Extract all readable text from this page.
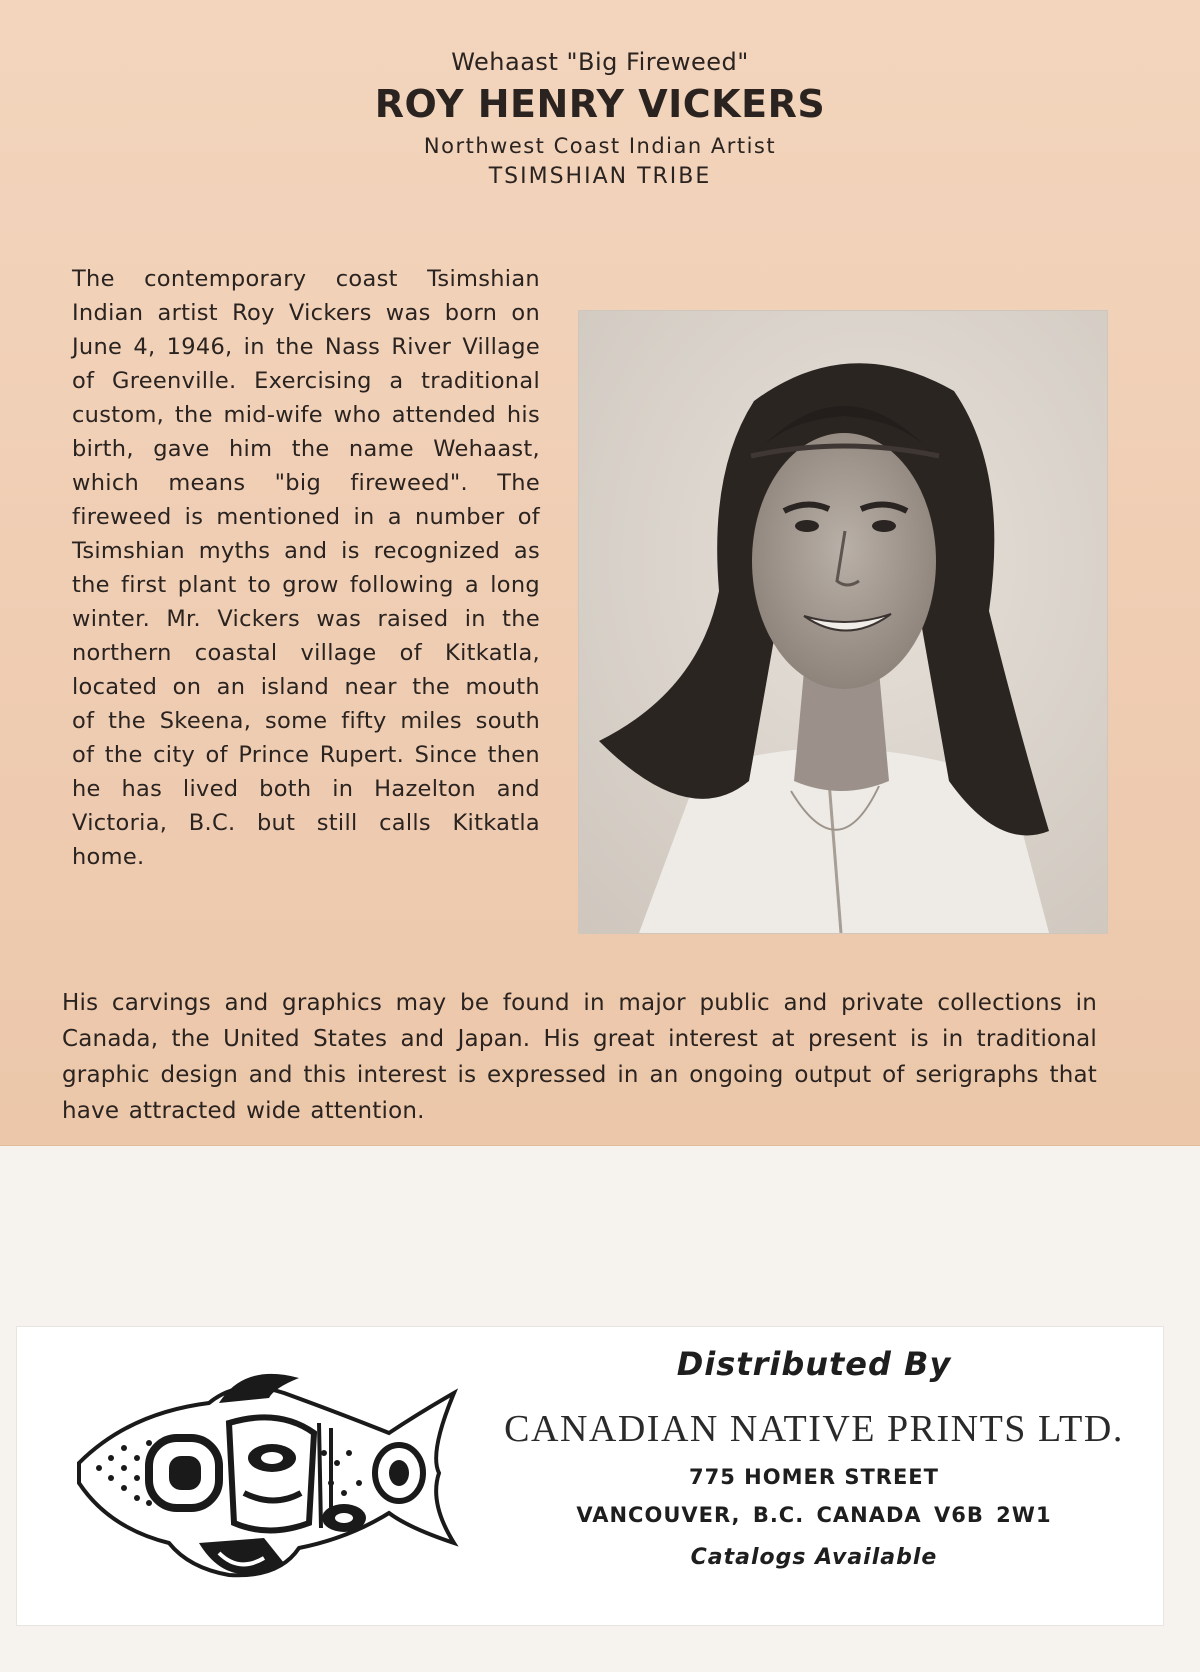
Wehaast "Big Fireweed"
ROY HENRY VICKERS
Northwest Coast Indian Artist
TSIMSHIAN TRIBE
The contemporary coast Tsimshian Indian artist Roy Vickers was born on June 4, 1946, in the Nass River Village of Greenville. Exercising a traditional custom, the mid-wife who attended his birth, gave him the name Wehaast, which means "big fireweed". The fireweed is mentioned in a number of Tsimshian myths and is recognized as the first plant to grow following a long winter. Mr. Vickers was raised in the northern coastal village of Kitkatla, located on an island near the mouth of the Skeena, some fifty miles south of the city of Prince Rupert. Since then he has lived both in Hazelton and Victoria, B.C. but still calls Kitkatla home.
His carvings and graphics may be found in major public and private collections in Canada, the United States and Japan. His great interest at present is in traditional graphic design and this interest is expressed in an ongoing output of serigraphs that have attracted wide attention.
Distributed By
CANADIAN NATIVE PRINTS LTD.
775 HOMER STREET
VANCOUVER, B.C. CANADA V6B 2W1
Catalogs Available
